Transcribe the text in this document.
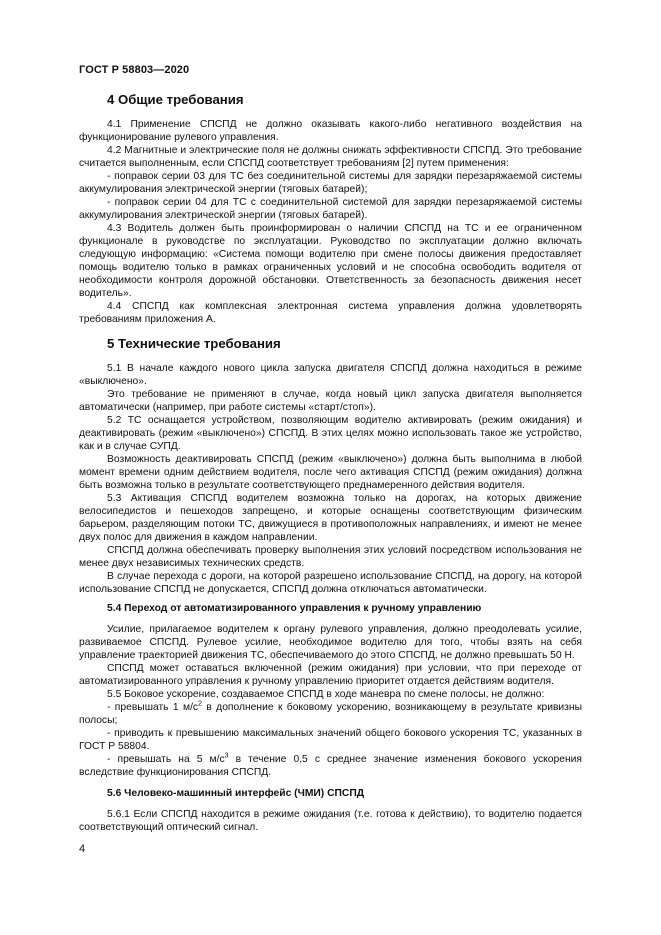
ГОСТ Р 58803—2020
4 Общие требования

4.1 Применение СПСПД не должно оказывать какого-либо негативного воздействия на функционирование рулевого управления.

4.2 Магнитные и электрические поля не должны снижать эффективности СПСПД. Это требование считается выполненным, если СПСПД соответствует требованиям [2] путем применения:

- поправок серии 03 для ТС без соединительной системы для зарядки перезаряжаемой системы аккумулирования электрической энергии (тяговых батарей);

- поправок серии 04 для ТС с соединительной системой для зарядки перезаряжаемой системы аккумулирования электрической энергии (тяговых батарей).

4.3 Водитель должен быть проинформирован о наличии СПСПД на ТС и ее ограниченном функционале в руководстве по эксплуатации. Руководство по эксплуатации должно включать следующую информацию: «Система помощи водителю при смене полосы движения предоставляет помощь водителю только в рамках ограниченных условий и не способна освободить водителя от необходимости контроля дорожной обстановки. Ответственность за безопасность движения несет водитель».

4.4 СПСПД как комплексная электронная система управления должна удовлетворять требованиям приложения А.

5 Технические требования

5.1 В начале каждого нового цикла запуска двигателя СПСПД должна находиться в режиме «выключено».

Это требование не применяют в случае, когда новый цикл запуска двигателя выполняется автоматически (например, при работе системы «старт/стоп»).

5.2 ТС оснащается устройством, позволяющим водителю активировать (режим ожидания) и деактивировать (режим «выключено») СПСПД. В этих целях можно использовать такое же устройство, как и в случае СУПД.

Возможность деактивировать СПСПД (режим «выключено») должна быть выполнима в любой момент времени одним действием водителя, после чего активация СПСПД (режим ожидания) должна быть возможна только в результате соответствующего преднамеренного действия водителя.

5.3 Активация СПСПД водителем возможна только на дорогах, на которых движение велосипедистов и пешеходов запрещено, и которые оснащены соответствующим физическим барьером, разделяющим потоки ТС, движущиеся в противоположных направлениях, и имеют не менее двух полос для движения в каждом направлении.

СПСПД должна обеспечивать проверку выполнения этих условий посредством использования не менее двух независимых технических средств.

В случае перехода с дороги, на которой разрешено использование СПСПД, на дорогу, на которой использование СПСПД не допускается, СПСПД должна отключаться автоматически.

5.4 Переход от автоматизированного управления к ручному управлению

Усилие, прилагаемое водителем к органу рулевого управления, должно преодолевать усилие, развиваемое СПСПД. Рулевое усилие, необходимое водителю для того, чтобы взять на себя управление траекторией движения ТС, обеспечиваемого до этого СПСПД, не должно превышать 50 Н.

СПСПД может оставаться включенной (режим ожидания) при условии, что при переходе от автоматизированного управления к ручному управлению приоритет отдается действиям водителя.

5.5 Боковое ускорение, создаваемое СПСПД в ходе маневра по смене полосы, не должно:

- превышать 1 $м/с^2$ в дополнение к боковому ускорению, возникающему в результате кривизны полосы;

- приводить к превышению максимальных значений общего бокового ускорения ТС, указанных в ГОСТ Р 58804.

- превышать на 5 $м/с^3$ в течение 0,5 с среднее значение изменения бокового ускорения вследствие функционирования СПСПД.

5.6 Человеко-машинный интерфейс (ЧМИ) СПСПД

5.6.1 Если СПСПД находится в режиме ожидания (т.е. готова к действию), то водителю подается соответствующий оптический сигнал.

4
